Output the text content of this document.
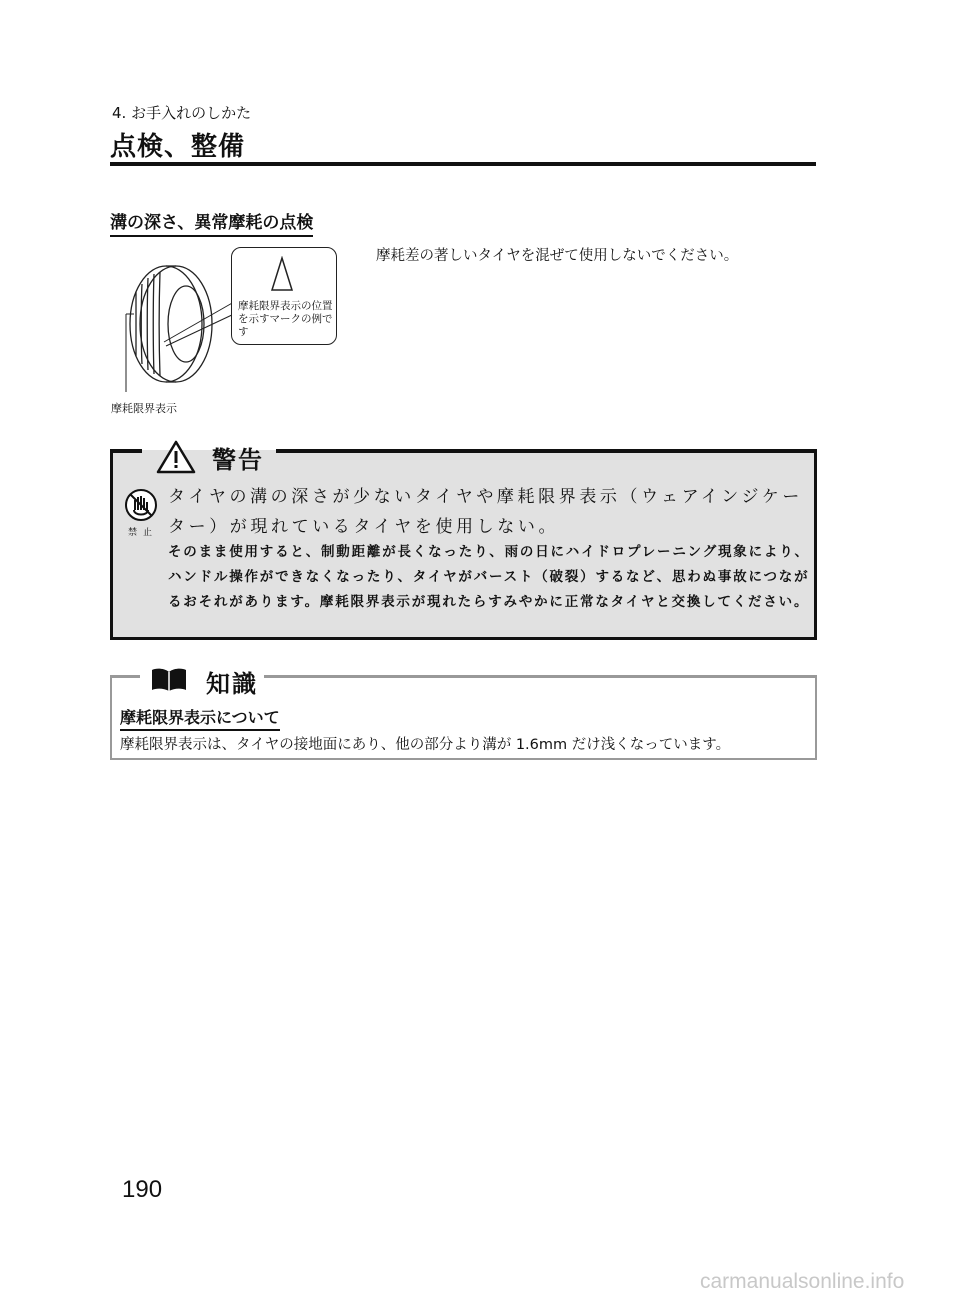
4. お手入れのしかた
点検、整備
溝の深さ、異常摩耗の点検
摩耗差の著しいタイヤを混ぜて使用しないでください。
摩耗限界表示の位置を示すマークの例です
摩耗限界表示
警告
禁止
タイヤの溝の深さが少ないタイヤや摩耗限界表示（ウェアインジケーター）が現れているタイヤを使用しない。
そのまま使用すると、制動距離が長くなったり、雨の日にハイドロプレーニング現象により、ハンドル操作ができなくなったり、タイヤがバースト（破裂）するなど、思わぬ事故につながるおそれがあります。摩耗限界表示が現れたらすみやかに正常なタイヤと交換してください。
知識
摩耗限界表示について
摩耗限界表示は、タイヤの接地面にあり、他の部分より溝が 1.6mm だけ浅くなっています。
190
carmanualsonline.info
